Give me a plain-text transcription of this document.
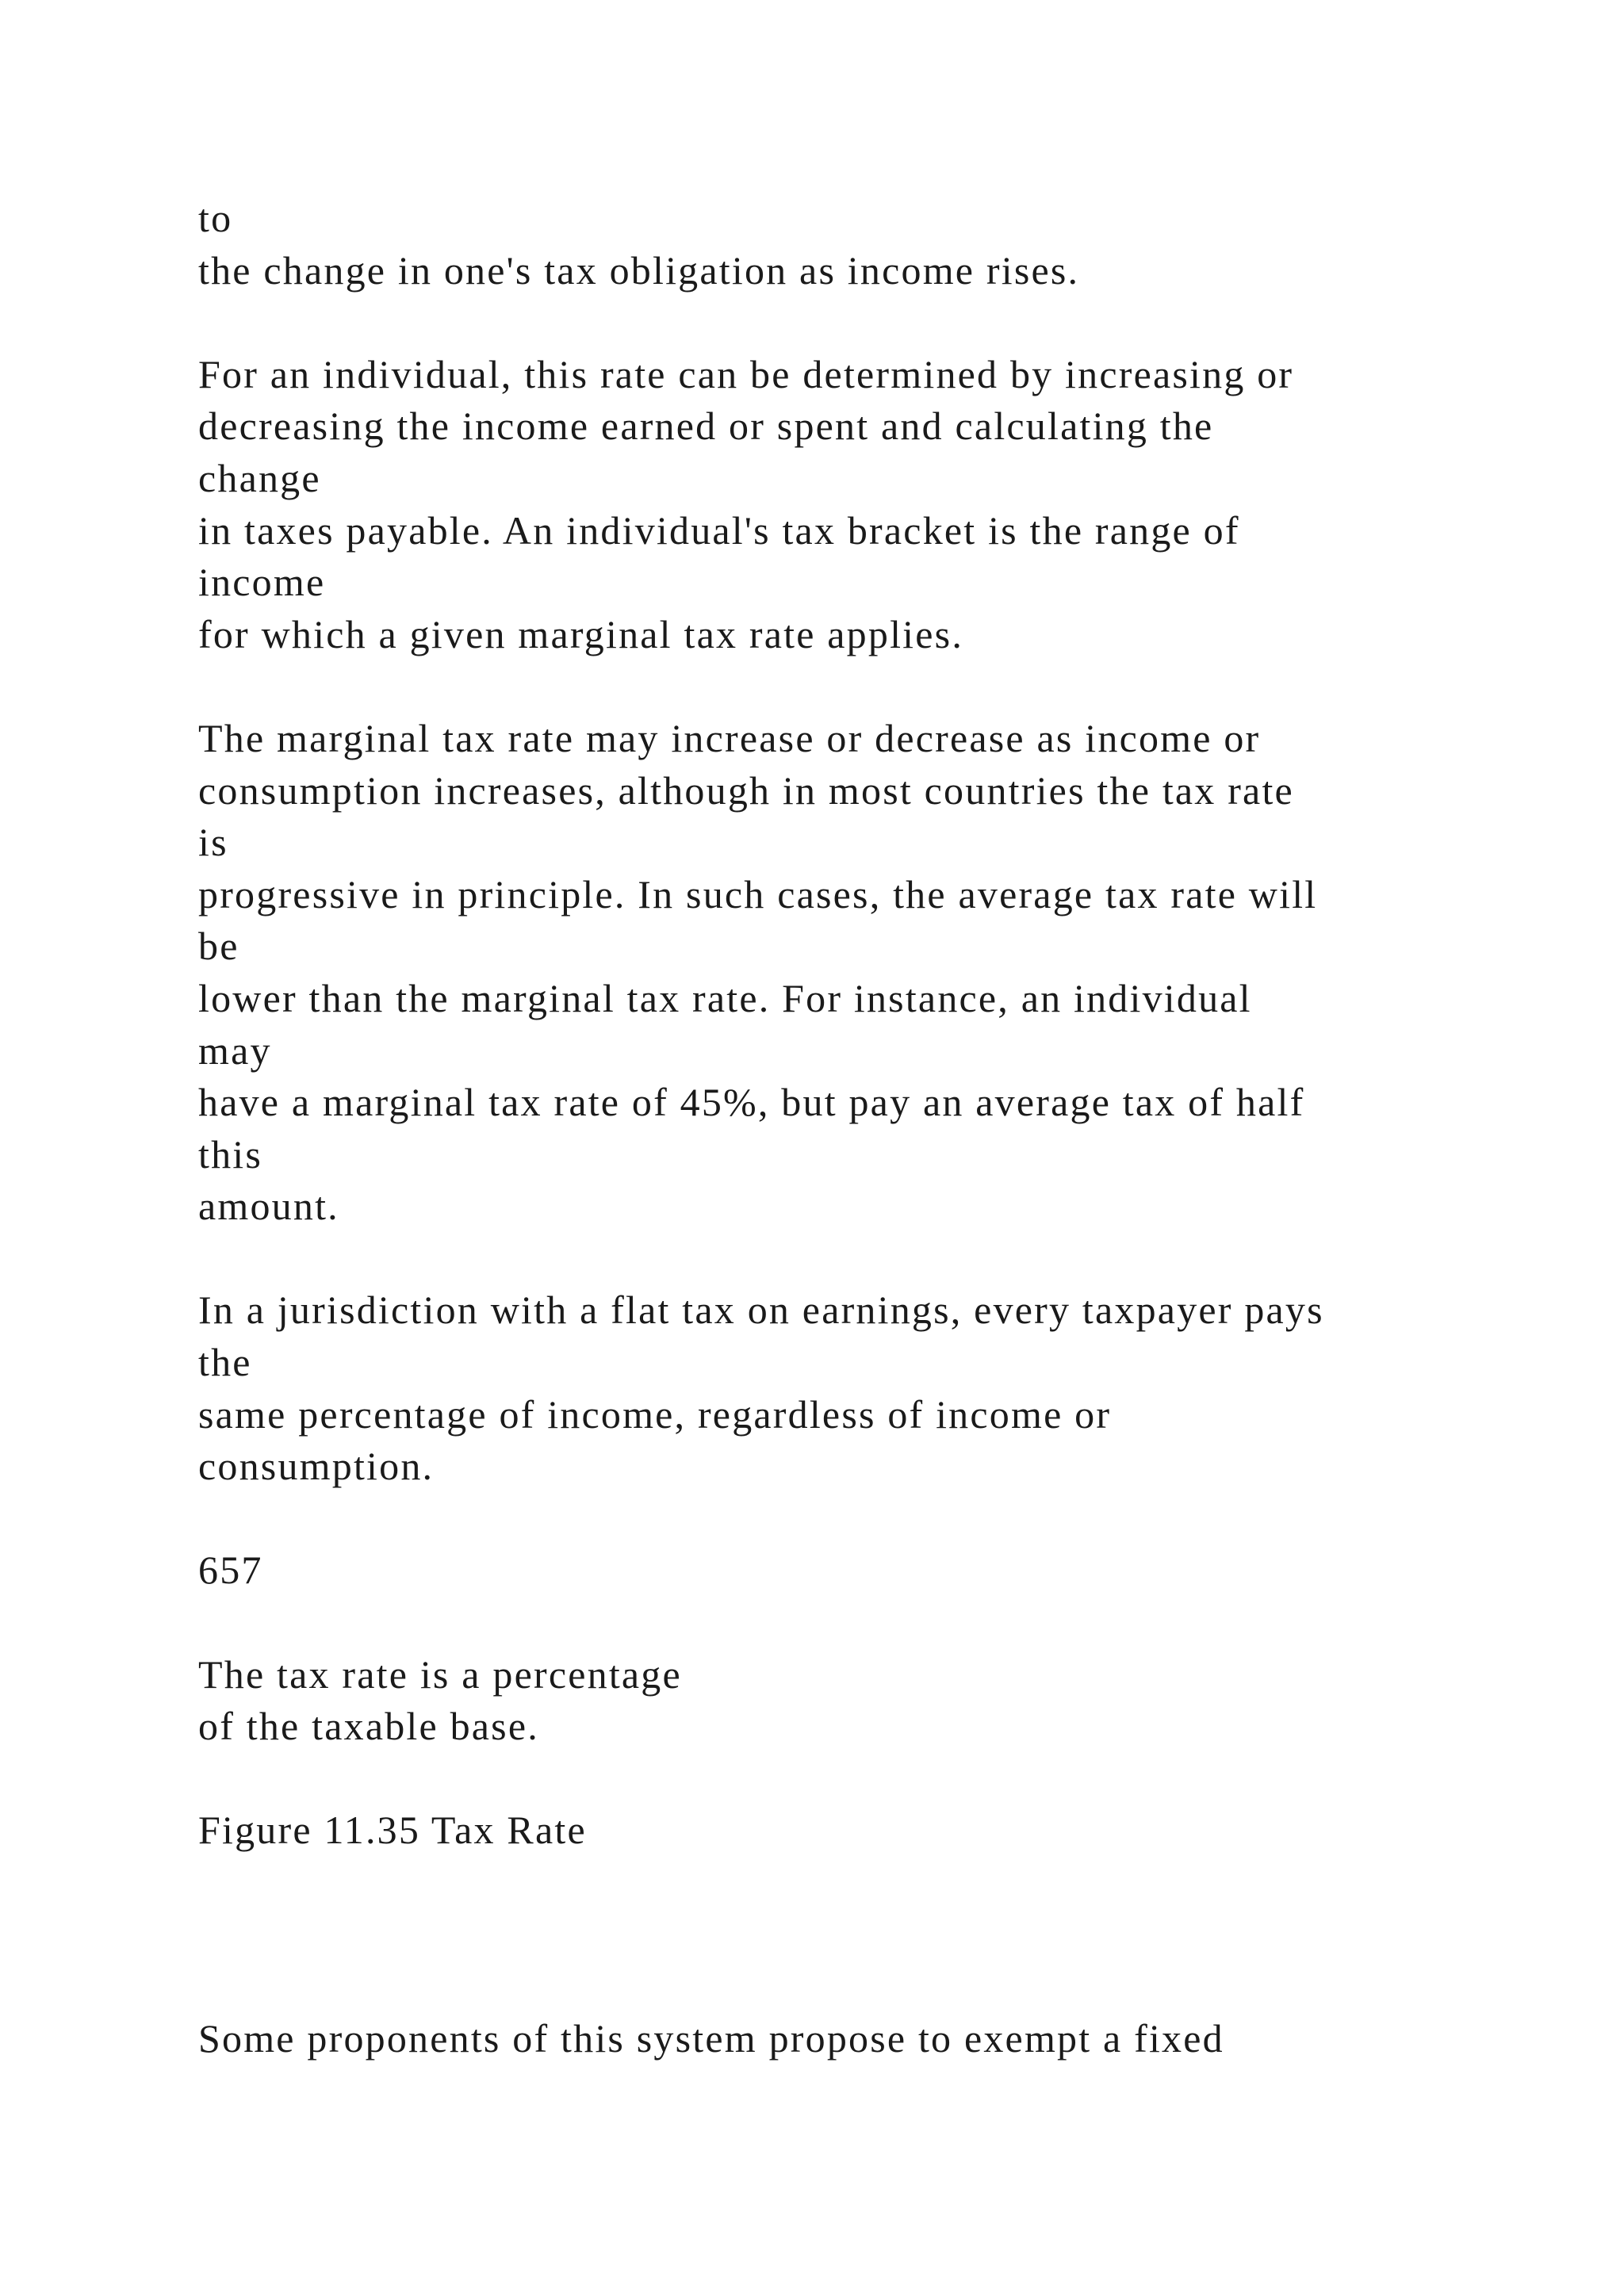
to
the change in one's tax obligation as income rises.
For an individual, this rate can be determined by increasing or
decreasing the income earned or spent and calculating the
change
in taxes payable. An individual's tax bracket is the range of
income
for which a given marginal tax rate applies.
The marginal tax rate may increase or decrease as income or
consumption increases, although in most countries the tax rate
is
progressive in principle. In such cases, the average tax rate will
be
lower than the marginal tax rate. For instance, an individual
may
have a marginal tax rate of 45%, but pay an average tax of half
this
amount.
In a jurisdiction with a flat tax on earnings, every taxpayer pays
the
same percentage of income, regardless of income or
consumption.
657
The tax rate is a percentage
of the taxable base.
Figure 11.35 Tax Rate
Some proponents of this system propose to exempt a fixed
